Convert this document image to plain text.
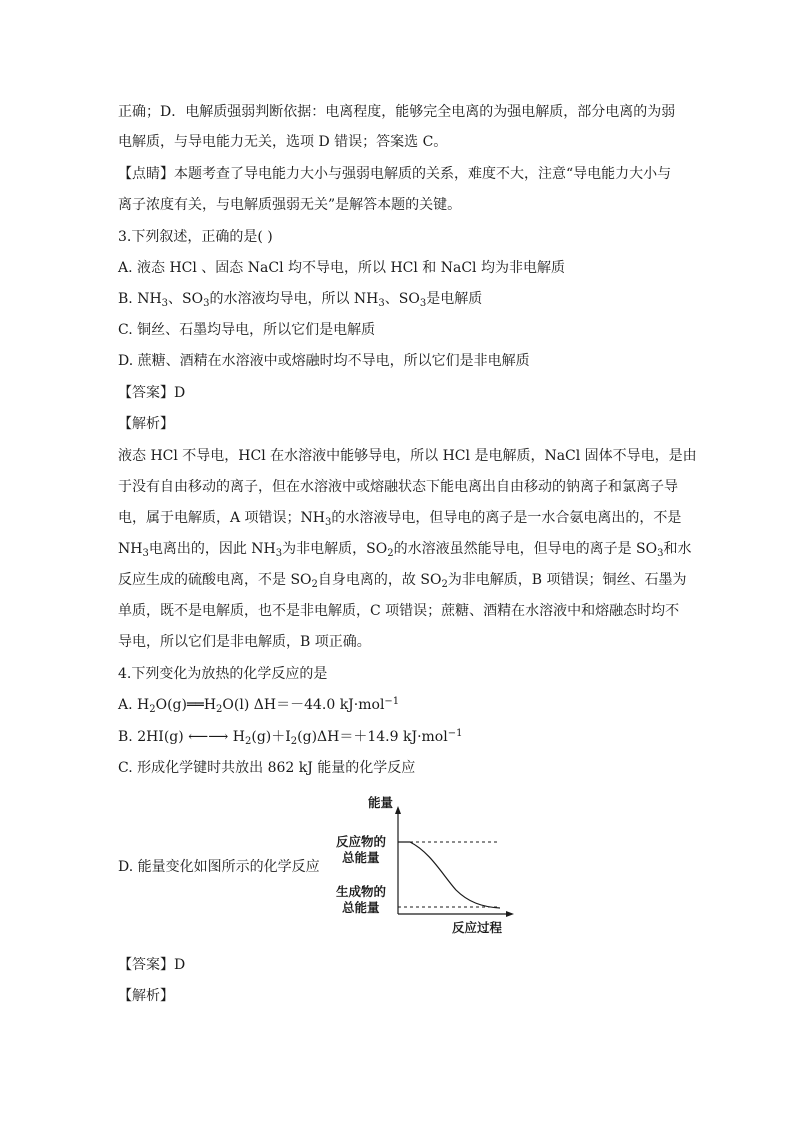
正确；D．电解质强弱判断依据：电离程度，能够完全电离的为强电解质，部分电离的为弱
电解质，与导电能力无关，选项 D 错误；答案选 C。
【点睛】本题考查了导电能力大小与强弱电解质的关系，难度不大，注意“导电能力大小与
离子浓度有关，与电解质强弱无关”是解答本题的关键。
3.下列叙述，正确的是( )
A. 液态 HCl 、固态 NaCl 均不导电，所以 HCl 和 NaCl 均为非电解质
B. $NH_3$、$SO_3$的水溶液均导电，所以 $NH_3$、$SO_3$是电解质
C. 铜丝、石墨均导电，所以它们是电解质
D. 蔗糖、酒精在水溶液中或熔融时均不导电，所以它们是非电解质
【答案】D
【解析】
液态 HCl 不导电，HCl 在水溶液中能够导电，所以 HCl 是电解质，NaCl 固体不导电，是由
于没有自由移动的离子，但在水溶液中或熔融状态下能电离出自由移动的钠离子和氯离子导
电，属于电解质，A 项错误；$NH_3$的水溶液导电，但导电的离子是一水合氨电离出的，不是
$NH_3$电离出的，因此 $NH_3$为非电解质，$SO_2$的水溶液虽然能导电，但导电的离子是 $SO_3$和水
反应生成的硫酸电离，不是 $SO_2$自身电离的，故 $SO_2$为非电解质，B 项错误；铜丝、石墨为
单质，既不是电解质，也不是非电解质，C 项错误；蔗糖、酒精在水溶液中和熔融态时均不
导电，所以它们是非电解质，B 项正确。
4.下列变化为放热的化学反应的是
A. $H_2O(g)══H_2O(l)$ ΔH＝－44.0 kJ·mol$^{-1}$
B. 2HI(g) ⟵⟶ $H_2(g)+I_2(g)\Delta H=+14.9$ kJ·mol$^{-1}$
C. 形成化学键时共放出 862 kJ 能量的化学反应
D. 能量变化如图所示的化学反应
能量
反应物的
总能量
生成物的
总能量
反应过程
【答案】D
【解析】
